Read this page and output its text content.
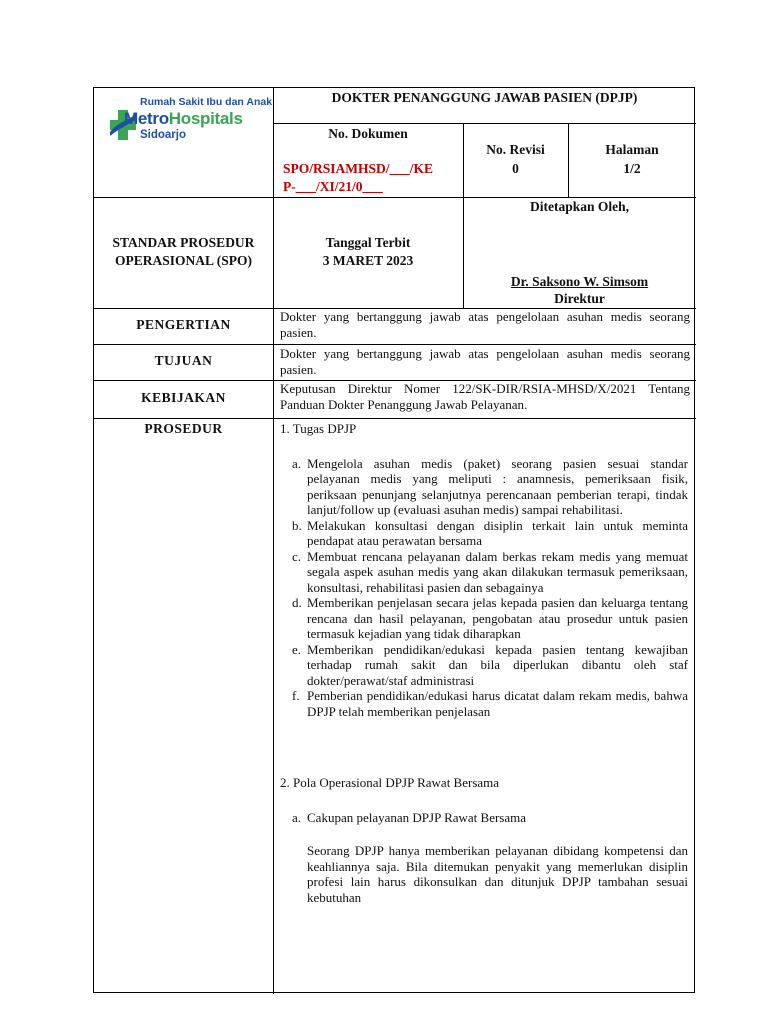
Rumah Sakit Ibu dan Anak
MetroHospitals
Sidoarjo
DOKTER PENANGGUNG JAWAB PASIEN (DPJP)
No. Dokumen
SPO/RSIAMHSD/___/KE
P-___/XI/21/0___
No. Revisi
0
Halaman
1/2
STANDAR PROSEDUR
OPERASIONAL (SPO)
Tanggal Terbit
3 MARET 2023
Ditetapkan Oleh,
Dr. Saksono W. Simsom
Direktur
PENGERTIAN
Dokter yang bertanggung jawab atas pengelolaan asuhan medis seorang pasien.
TUJUAN	Dokter yang bertanggung jawab atas pengelolaan asuhan medis seorang pasien.
KEBIJAKAN
Keputusan Direktur Nomer 122/SK-DIR/RSIA-MHSD/X/2021 Tentang Panduan Dokter Penanggung Jawab Pelayanan.
PROSEDUR	1. Tugas DPJP
a. Mengelola asuhan medis (paket) seorang pasien sesuai standar pelayanan medis yang meliputi : anamnesis, pemeriksaan fisik, periksaan penunjang selanjutnya perencanaan pemberian terapi, tindak lanjut/follow up (evaluasi asuhan medis) sampai rehabilitasi.
b. Melakukan konsultasi dengan disiplin terkait lain untuk meminta pendapat atau perawatan bersama
c. Membuat rencana pelayanan dalam berkas rekam medis yang memuat segala aspek asuhan medis yang akan dilakukan termasuk pemeriksaan, konsultasi, rehabilitasi pasien dan sebagainya
d. Memberikan penjelasan secara jelas kepada pasien dan keluarga tentang rencana dan hasil pelayanan, pengobatan atau prosedur untuk pasien termasuk kejadian yang tidak diharapkan
e. Memberikan pendidikan/edukasi kepada pasien tentang kewajiban terhadap rumah sakit dan bila diperlukan dibantu oleh staf dokter/perawat/staf administrasi
f. Pemberian pendidikan/edukasi harus dicatat dalam rekam medis, bahwa DPJP telah memberikan penjelasan
2. Pola Operasional DPJP Rawat Bersama
a. Cakupan pelayanan DPJP Rawat Bersama
Seorang DPJP hanya memberikan pelayanan dibidang kompetensi dan keahliannya saja. Bila ditemukan penyakit yang memerlukan disiplin profesi lain harus dikonsulkan dan ditunjuk DPJP tambahan sesuai kebutuhan
